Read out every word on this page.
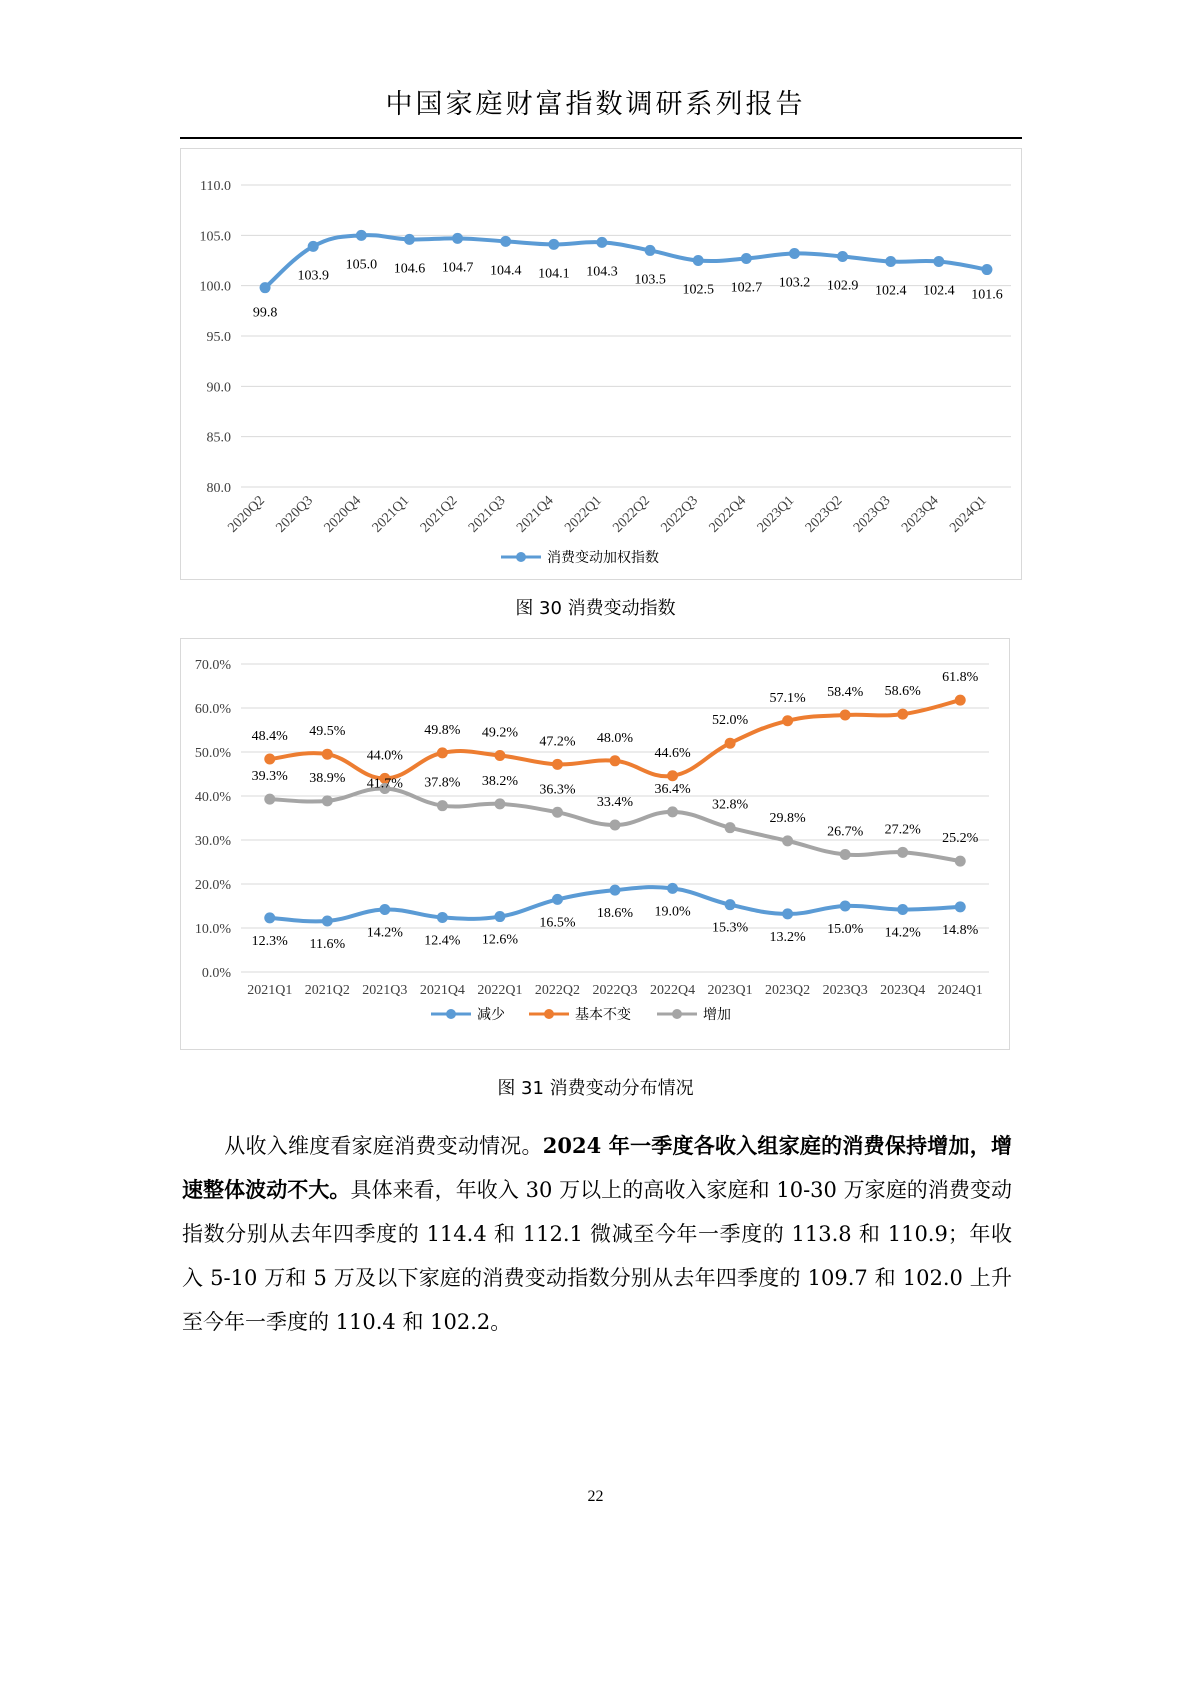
中国家庭财富指数调研系列报告
80.0
85.0
90.0
95.0
100.0
105.0
110.0
2020Q2 2020Q3 2020Q4 2021Q1 2021Q2 2021Q3 2021Q4 2022Q1 2022Q2 2022Q3 2022Q4 2023Q1 2023Q2 2023Q3 2023Q4 2024Q1
99.8
103.9
105.0 104.6 104.7 104.4 104.1 104.3
103.5
102.5 102.7 103.2 102.9 102.4 102.4 101.6
消费变动加权指数
图 30 消费变动指数
0.0%
10.0%
20.0%
30.0%
40.0%
50.0%
60.0%
70.0%
2021Q1 2021Q2 2021Q3 2021Q4 2022Q1 2022Q2 2022Q3 2022Q4 2023Q1 2023Q2 2023Q3 2023Q4 2024Q1
12.3% 11.6%
14.2%
12.4% 12.6%
16.5%
18.6% 19.0%
15.3%
13.2%
15.0% 14.2% 14.8%
48.4% 49.5%
44.0%
49.8% 49.2%
47.2% 48.0%
44.6%
52.0%
57.1% 58.4% 58.6%
61.8%
39.3% 38.9% 41.7% 37.8% 38.2%
36.3%
33.4%
36.4%
32.8%
29.8%
26.7% 27.2%
25.2%
减少	基本不变	增加
图 31 消费变动分布情况
从收入维度看家庭消费变动情况。2024 年一季度各收入组家庭的消费保持增加，增速整体波动不大。具体来看，年收入 30 万以上的高收入家庭和 10-30 万家庭的消费变动指数分别从去年四季度的 114.4 和 112.1 微减至今年一季度的 113.8 和 110.9；年收入 5-10 万和 5 万及以下家庭的消费变动指数分别从去年四季度的 109.7 和 102.0 上升至今年一季度的 110.4 和 102.2。
22
